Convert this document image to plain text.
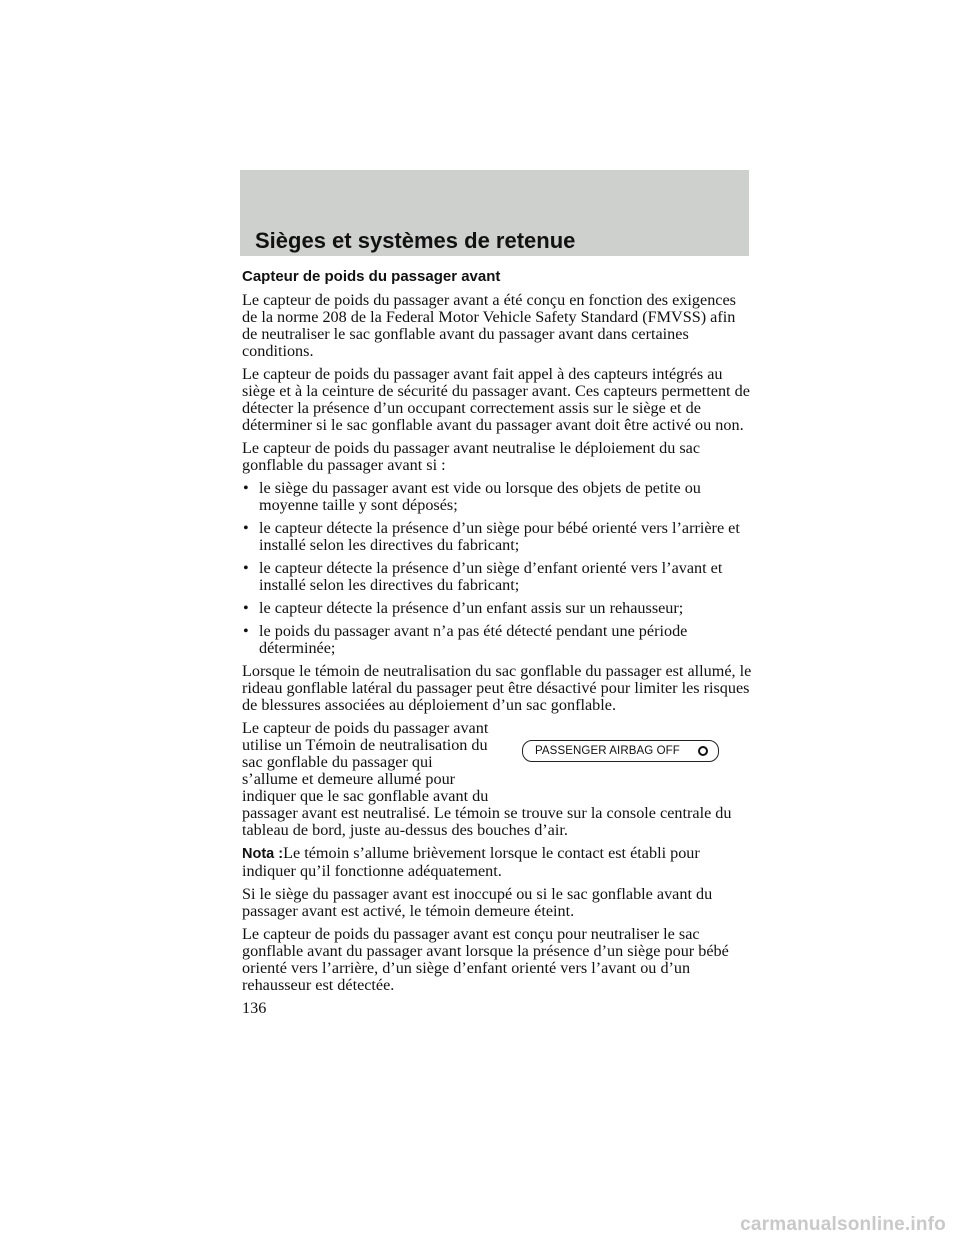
Sièges et systèmes de retenue
Capteur de poids du passager avant

Le capteur de poids du passager avant a été conçu en fonction des exigences de la norme 208 de la Federal Motor Vehicle Safety Standard (FMVSS) afin de neutraliser le sac gonflable avant du passager avant dans certaines conditions.

Le capteur de poids du passager avant fait appel à des capteurs intégrés au siège et à la ceinture de sécurité du passager avant. Ces capteurs permettent de détecter la présence d’un occupant correctement assis sur le siège et de déterminer si le sac gonflable avant du passager avant doit être activé ou non.

Le capteur de poids du passager avant neutralise le déploiement du sac gonflable du passager avant si :

• le siège du passager avant est vide ou lorsque des objets de petite ou moyenne taille y sont déposés;
• le capteur détecte la présence d’un siège pour bébé orienté vers l’arrière et installé selon les directives du fabricant;
• le capteur détecte la présence d’un siège d’enfant orienté vers l’avant et installé selon les directives du fabricant;
• le capteur détecte la présence d’un enfant assis sur un rehausseur;
• le poids du passager avant n’a pas été détecté pendant une période déterminée;

Lorsque le témoin de neutralisation du sac gonflable du passager est allumé, le rideau gonflable latéral du passager peut être désactivé pour limiter les risques de blessures associées au déploiement d’un sac gonflable.

PASSENGER AIRBAG OFF

Le capteur de poids du passager avant utilise un Témoin de neutralisation du sac gonflable du passager qui s’allume et demeure allumé pour indiquer que le sac gonflable avant du passager avant est neutralisé. Le témoin se trouve sur la console centrale du tableau de bord, juste au-dessus des bouches d’air.

Nota :Le témoin s’allume brièvement lorsque le contact est établi pour indiquer qu’il fonctionne adéquatement.

Si le siège du passager avant est inoccupé ou si le sac gonflable avant du passager avant est activé, le témoin demeure éteint.

Le capteur de poids du passager avant est conçu pour neutraliser le sac gonflable avant du passager avant lorsque la présence d’un siège pour bébé orienté vers l’arrière, d’un siège d’enfant orienté vers l’avant ou d’un rehausseur est détectée.

136
carmanualsonline.info
